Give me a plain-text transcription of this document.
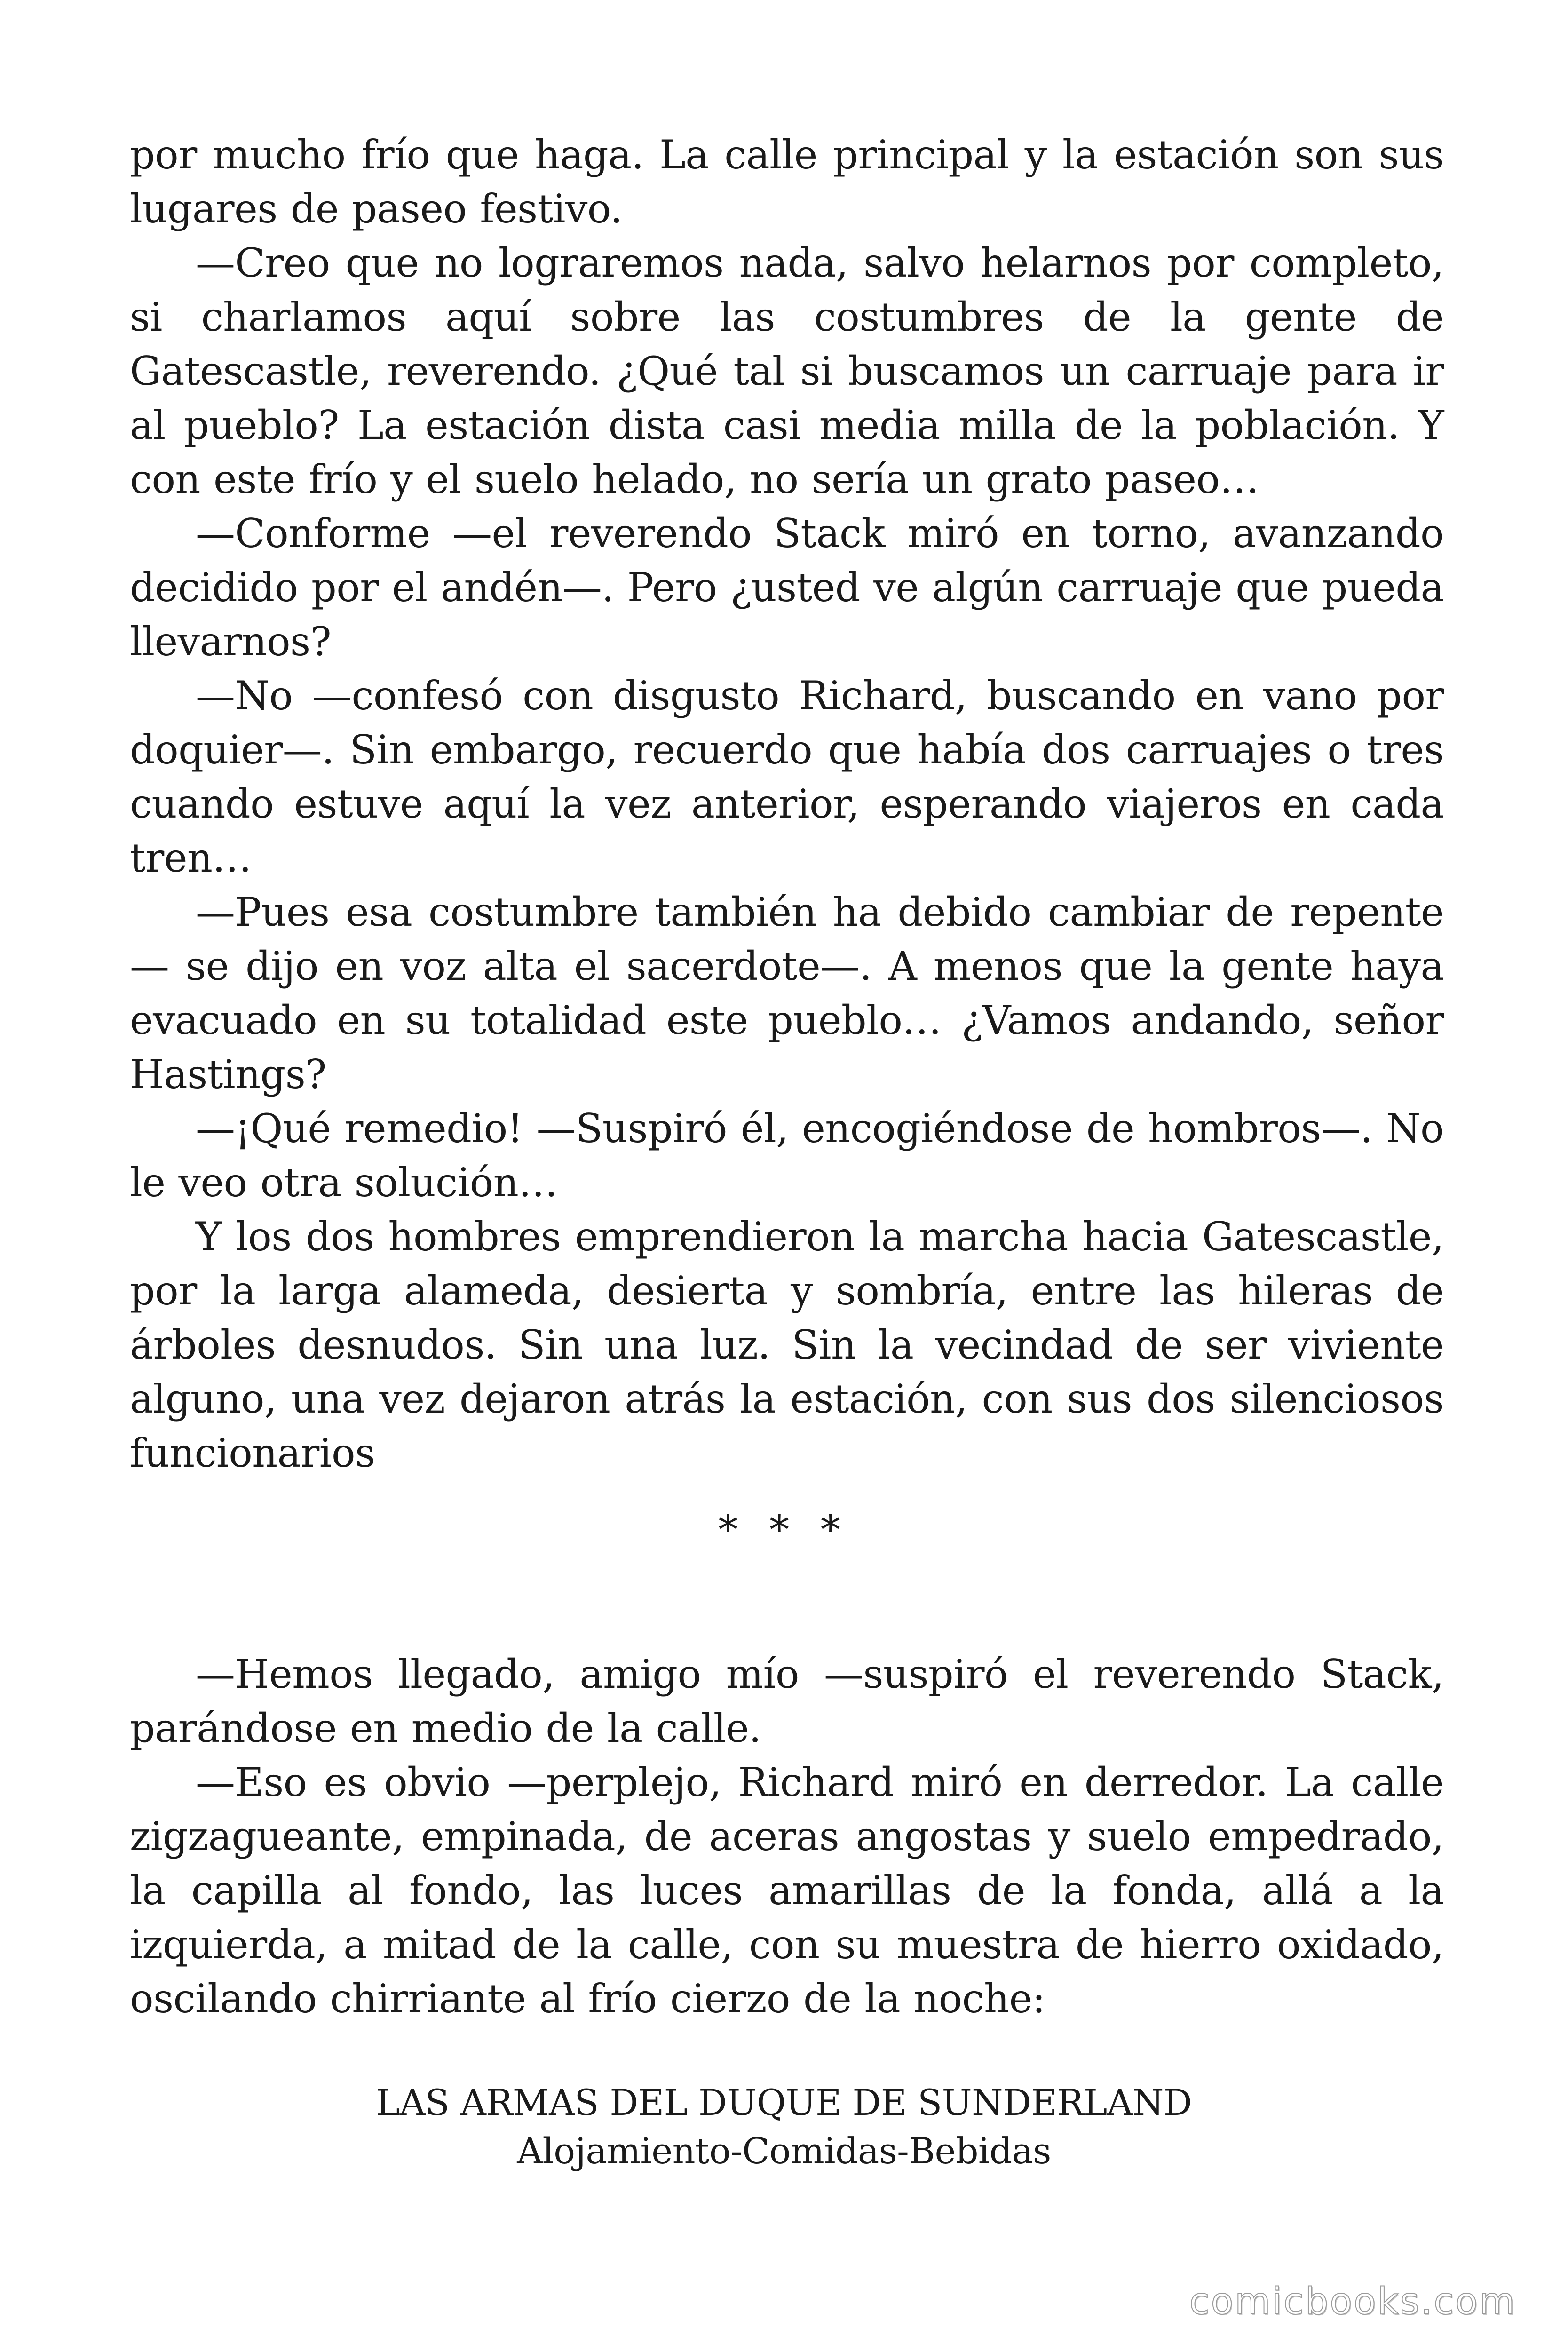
por mucho frío que haga. La calle principal y la estación son sus lugares de paseo festivo.

—Creo que no lograremos nada, salvo helarnos por completo, si charlamos aquí sobre las costumbres de la gente de Gatescastle, reverendo. ¿Qué tal si buscamos un carruaje para ir al pueblo? La estación dista casi media milla de la población. Y con este frío y el suelo helado, no sería un grato paseo…

—Conforme —el reverendo Stack miró en torno, avanzando decidido por el andén—. Pero ¿usted ve algún carruaje que pueda llevarnos?

—No —confesó con disgusto Richard, buscando en vano por doquier—. Sin embargo, recuerdo que había dos carruajes o tres cuando estuve aquí la vez anterior, esperando viajeros en cada tren…

—Pues esa costumbre también ha debido cambiar de repente — se dijo en voz alta el sacerdote—. A menos que la gente haya evacuado en su totalidad este pueblo… ¿Vamos andando, señor Hastings?

—¡Qué remedio! —Suspiró él, encogiéndose de hombros—. No le veo otra solución…

Y los dos hombres emprendieron la marcha hacia Gatescastle, por la larga alameda, desierta y sombría, entre las hileras de árboles desnudos. Sin una luz. Sin la vecindad de ser viviente alguno, una vez dejaron atrás la estación, con sus dos silenciosos funcionarios

* * *

—Hemos llegado, amigo mío —suspiró el reverendo Stack, parándose en medio de la calle.

—Eso es obvio —perplejo, Richard miró en derredor. La calle zigzagueante, empinada, de aceras angostas y suelo empedrado, la capilla al fondo, las luces amarillas de la fonda, allá a la izquierda, a mitad de la calle, con su muestra de hierro oxidado, oscilando chirriante al frío cierzo de la noche:

LAS ARMAS DEL DUQUE DE SUNDERLAND
Alojamiento-Comidas-Bebidas
comicbooks.com
